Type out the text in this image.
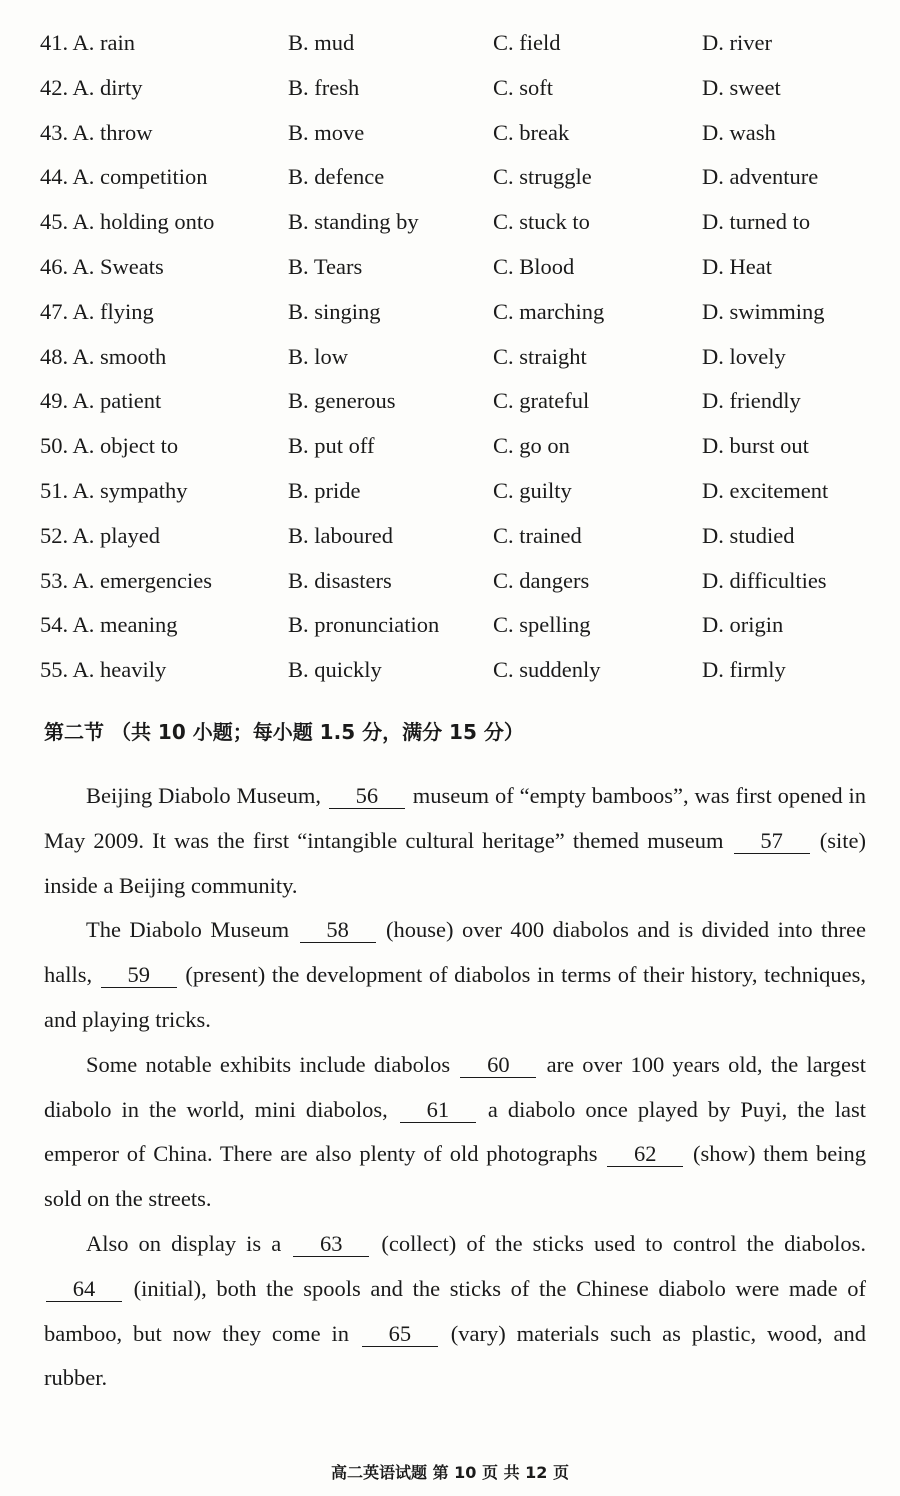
41. A. rain	B. mud	C. field	D. river
42. A. dirty	B. fresh	C. soft	D. sweet
43. A. throw	B. move	C. break	D. wash
44. A. competition	B. defence	C. struggle	D. adventure
45. A. holding onto	B. standing by	C. stuck to	D. turned to
46. A. Sweats	B. Tears	C. Blood	D. Heat
47. A. flying	B. singing	C. marching	D. swimming
48. A. smooth	B. low	C. straight	D. lovely
49. A. patient	B. generous	C. grateful	D. friendly
50. A. object to	B. put off	C. go on	D. burst out
51. A. sympathy	B. pride	C. guilty	D. excitement
52. A. played	B. laboured	C. trained	D. studied
53. A. emergencies	B. disasters	C. dangers	D. difficulties
54. A. meaning	B. pronunciation C. spelling	D. origin
55. A. heavily	B. quickly	C. suddenly	D. firmly
第二节 （共 10 小题；每小题 1.5 分，满分 15 分）

Beijing Diabolo Museum, 56 museum of “empty bamboos”, was first opened in May 2009. It was the first “intangible cultural heritage” themed museum 57 (site) inside a Beijing community.

The Diabolo Museum 58 (house) over 400 diabolos and is divided into three halls, 59 (present) the development of diabolos in terms of their history, techniques, and playing tricks.

Some notable exhibits include diabolos 60 are over 100 years old, the largest diabolo in the world, mini diabolos, 61 a diabolo once played by Puyi, the last emperor of China. There are also plenty of old photographs 62 (show) them being sold on the streets.

Also on display is a 63 (collect) of the sticks used to control the diabolos. 64 (initial), both the spools and the sticks of the Chinese diabolo were made of bamboo, but now they come in 65 (vary) materials such as plastic, wood, and rubber.

高二英语试题 第 10 页 共 12 页
